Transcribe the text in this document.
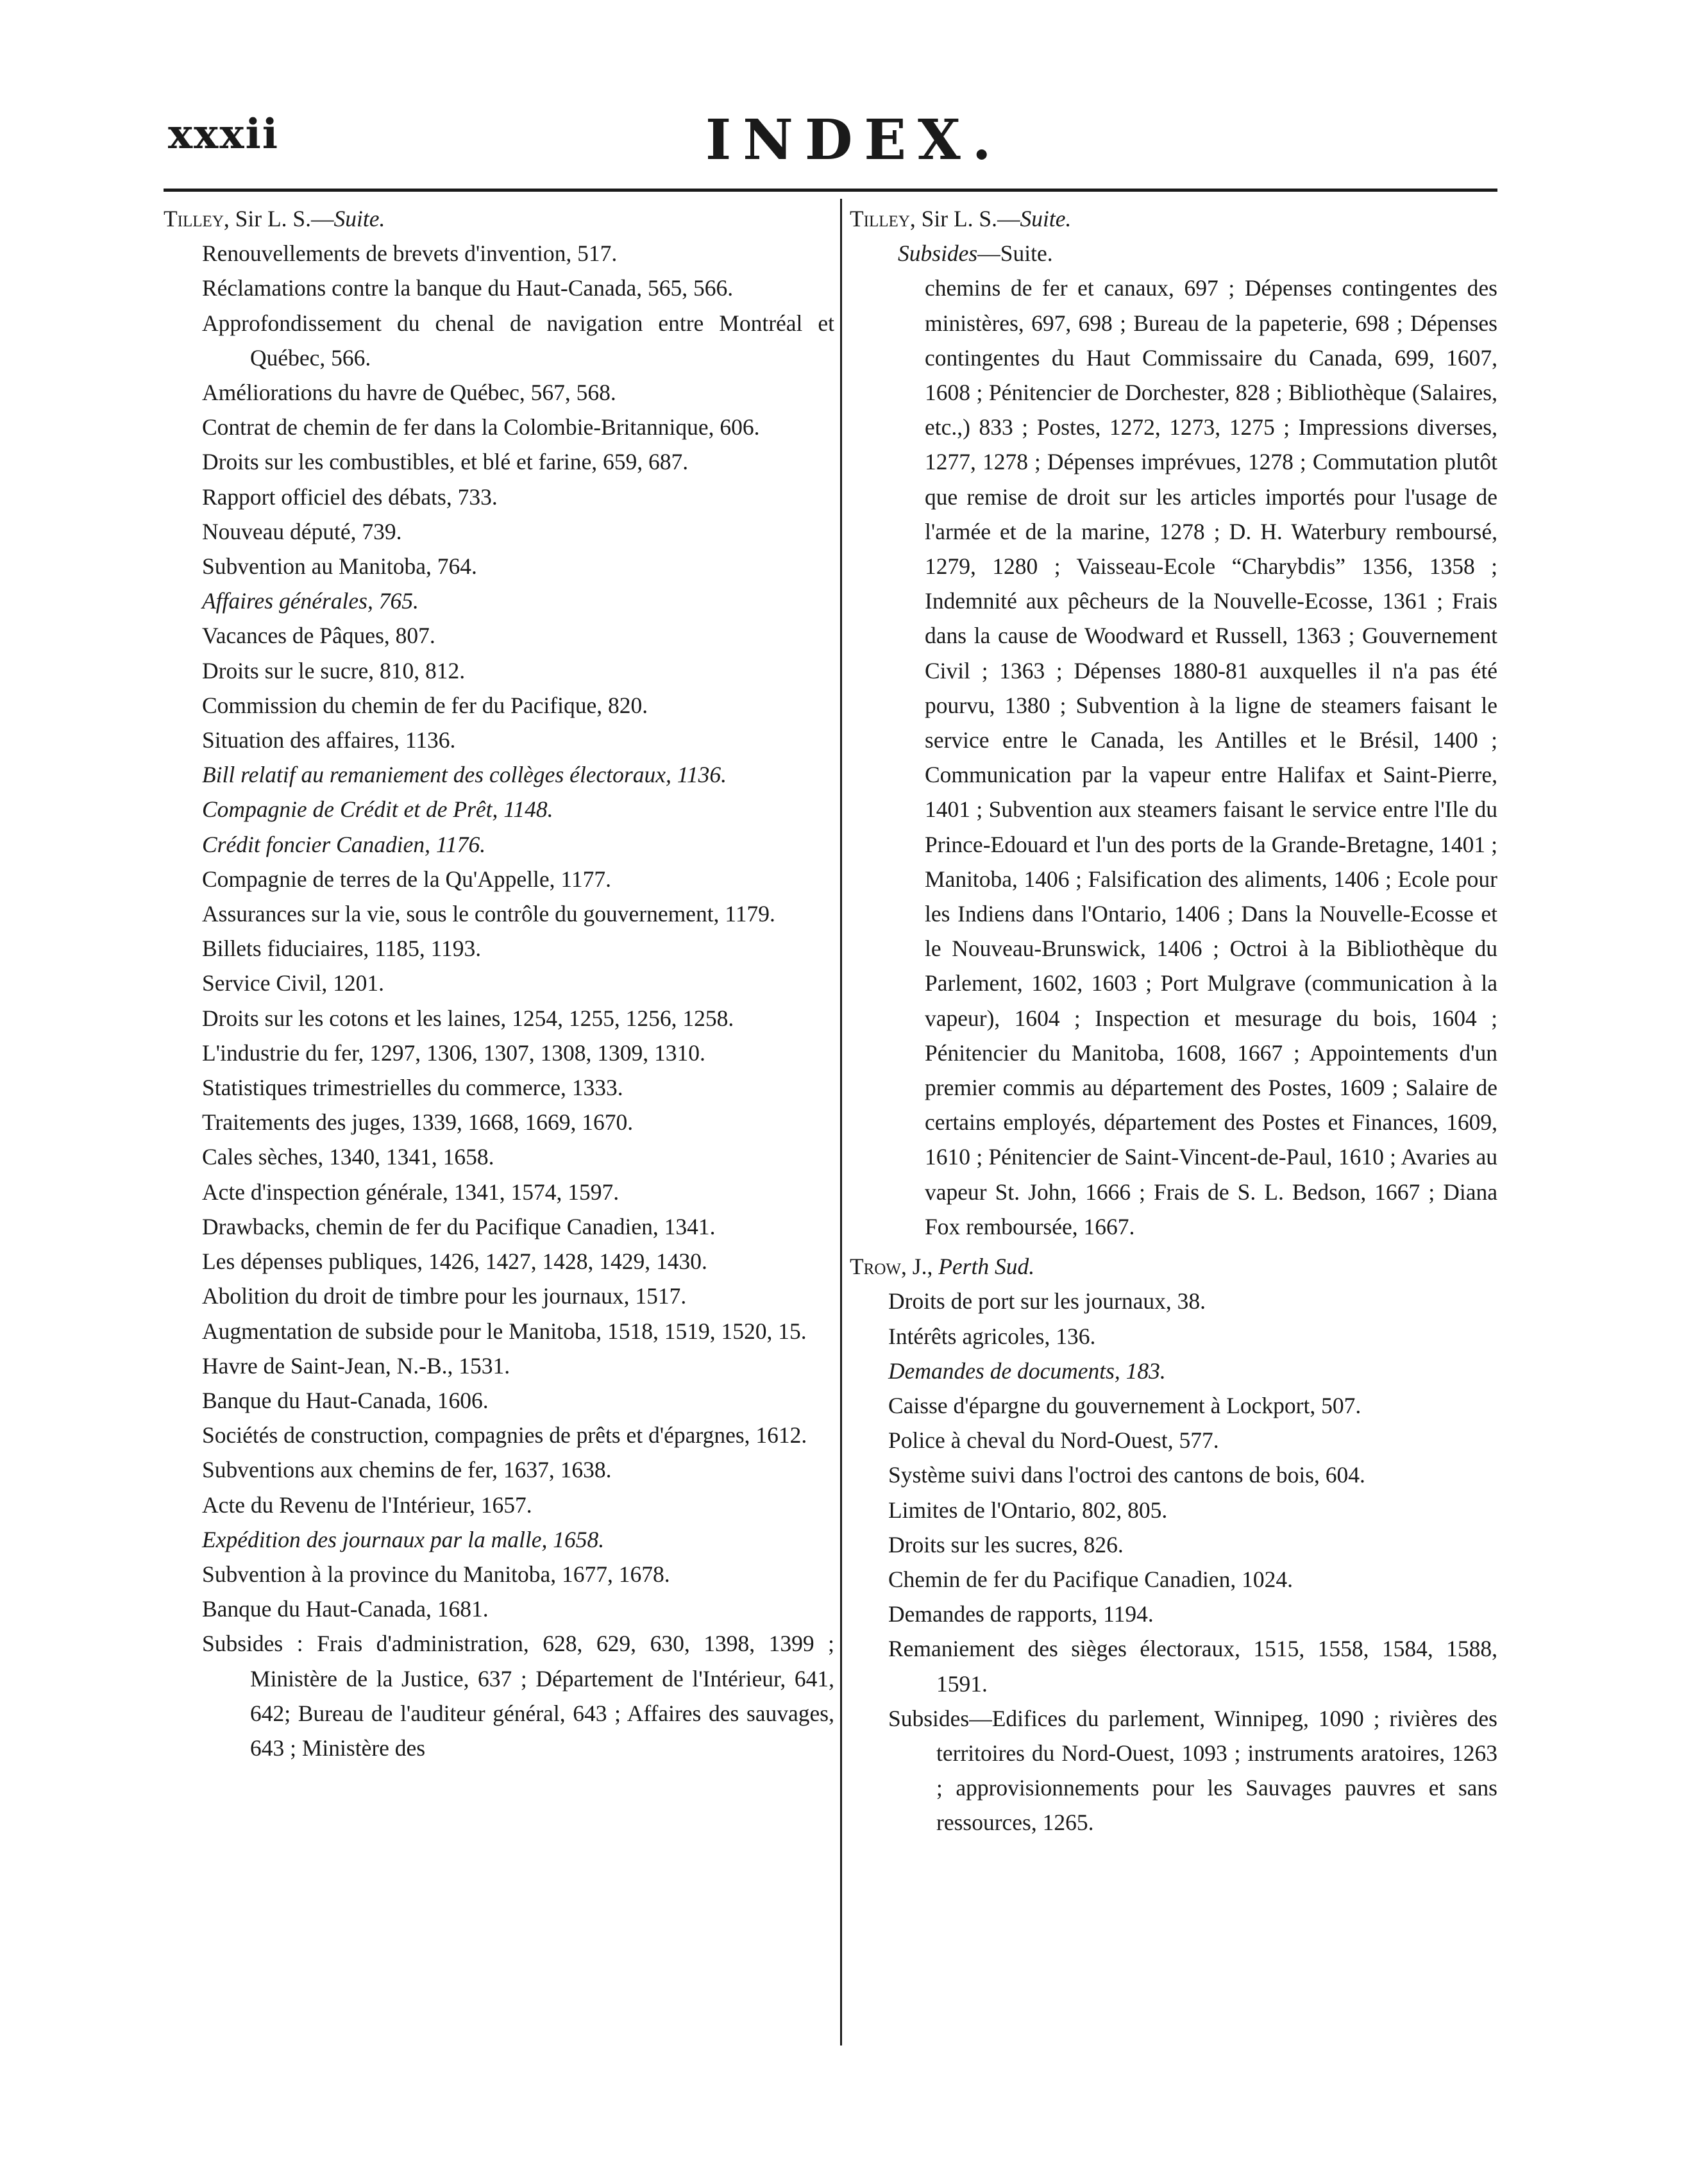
xxxii	INDEX.
Tilley, Sir L. S.—Suite.
Renouvellements de brevets d'invention, 517.
Réclamations contre la banque du Haut-Canada, 565, 566.
Approfondissement du chenal de navigation entre Montréal et Québec, 566.
Améliorations du havre de Québec, 567, 568.
Contrat de chemin de fer dans la Colombie-Britannique, 606.
Droits sur les combustibles, et blé et farine, 659, 687.
Rapport officiel des débats, 733.
Nouveau député, 739.
Subvention au Manitoba, 764.
Affaires générales, 765.
Vacances de Pâques, 807.
Droits sur le sucre, 810, 812.
Commission du chemin de fer du Pacifique, 820.
Situation des affaires, 1136.
Bill relatif au remaniement des collèges électoraux, 1136.
Compagnie de Crédit et de Prêt, 1148.
Crédit foncier Canadien, 1176.
Compagnie de terres de la Qu'Appelle, 1177.
Assurances sur la vie, sous le contrôle du gouvernement, 1179.
Billets fiduciaires, 1185, 1193.
Service Civil, 1201.
Droits sur les cotons et les laines, 1254, 1255, 1256, 1258.
L'industrie du fer, 1297, 1306, 1307, 1308, 1309, 1310.
Statistiques trimestrielles du commerce, 1333.
Traitements des juges, 1339, 1668, 1669, 1670.
Cales sèches, 1340, 1341, 1658.
Acte d'inspection générale, 1341, 1574, 1597.
Drawbacks, chemin de fer du Pacifique Canadien, 1341.
Les dépenses publiques, 1426, 1427, 1428, 1429, 1430.
Abolition du droit de timbre pour les journaux, 1517.
Augmentation de subside pour le Manitoba, 1518, 1519, 1520, 15.
Havre de Saint-Jean, N.-B., 1531.
Banque du Haut-Canada, 1606.
Sociétés de construction, compagnies de prêts et d'épargnes, 1612.
Subventions aux chemins de fer, 1637, 1638.
Acte du Revenu de l'Intérieur, 1657.
Expédition des journaux par la malle, 1658.
Subvention à la province du Manitoba, 1677, 1678.
Banque du Haut-Canada, 1681.
Subsides : Frais d'administration, 628, 629, 630, 1398, 1399 ; Ministère de la Justice, 637 ; Département de l'Intérieur, 641, 642; Bureau de l'auditeur général, 643 ; Affaires des sauvages, 643 ; Ministère des
Tilley, Sir L. S.—Suite.
Subsides—Suite.
chemins de fer et canaux, 697 ; Dépenses contingentes des ministères, 697, 698 ; Bureau de la papeterie, 698 ; Dépenses contingentes du Haut Commissaire du Canada, 699, 1607, 1608 ; Pénitencier de Dorchester, 828 ; Bibliothèque (Salaires, etc.,) 833 ; Postes, 1272, 1273, 1275 ; Impressions diverses, 1277, 1278 ; Dépenses imprévues, 1278 ; Commutation plutôt que remise de droit sur les articles importés pour l'usage de l'armée et de la marine, 1278 ; D. H. Waterbury remboursé, 1279, 1280 ; Vaisseau-Ecole “Charybdis” 1356, 1358 ; Indemnité aux pêcheurs de la Nouvelle-Ecosse, 1361 ; Frais dans la cause de Woodward et Russell, 1363 ; Gouvernement Civil ; 1363 ; Dépenses 1880-81 auxquelles il n'a pas été pourvu, 1380 ; Subvention à la ligne de steamers faisant le service entre le Canada, les Antilles et le Brésil, 1400 ; Communication par la vapeur entre Halifax et Saint-Pierre, 1401 ; Subvention aux steamers faisant le service entre l'Ile du Prince-Edouard et l'un des ports de la Grande-Bretagne, 1401 ; Manitoba, 1406 ; Falsification des aliments, 1406 ; Ecole pour les Indiens dans l'Ontario, 1406 ; Dans la Nouvelle-Ecosse et le Nouveau-Brunswick, 1406 ; Octroi à la Bibliothèque du Parlement, 1602, 1603 ; Port Mulgrave (communication à la vapeur), 1604 ; Inspection et mesurage du bois, 1604 ; Pénitencier du Manitoba, 1608, 1667 ; Appointements d'un premier commis au département des Postes, 1609 ; Salaire de certains employés, département des Postes et Finances, 1609, 1610 ; Pénitencier de Saint-Vincent-de-Paul, 1610 ; Avaries au vapeur St. John, 1666 ; Frais de S. L. Bedson, 1667 ; Diana Fox remboursée, 1667.
Trow, J., Perth Sud.
Droits de port sur les journaux, 38.
Intérêts agricoles, 136.
Demandes de documents, 183.
Caisse d'épargne du gouvernement à Lockport, 507.
Police à cheval du Nord-Ouest, 577.
Système suivi dans l'octroi des cantons de bois, 604.
Limites de l'Ontario, 802, 805.
Droits sur les sucres, 826.
Chemin de fer du Pacifique Canadien, 1024.
Demandes de rapports, 1194.
Remaniement des sièges électoraux, 1515, 1558, 1584, 1588, 1591.
Subsides—Edifices du parlement, Winnipeg, 1090 ; rivières des territoires du Nord-Ouest, 1093 ; instruments aratoires, 1263 ; approvisionnements pour les Sauvages pauvres et sans ressources, 1265.
